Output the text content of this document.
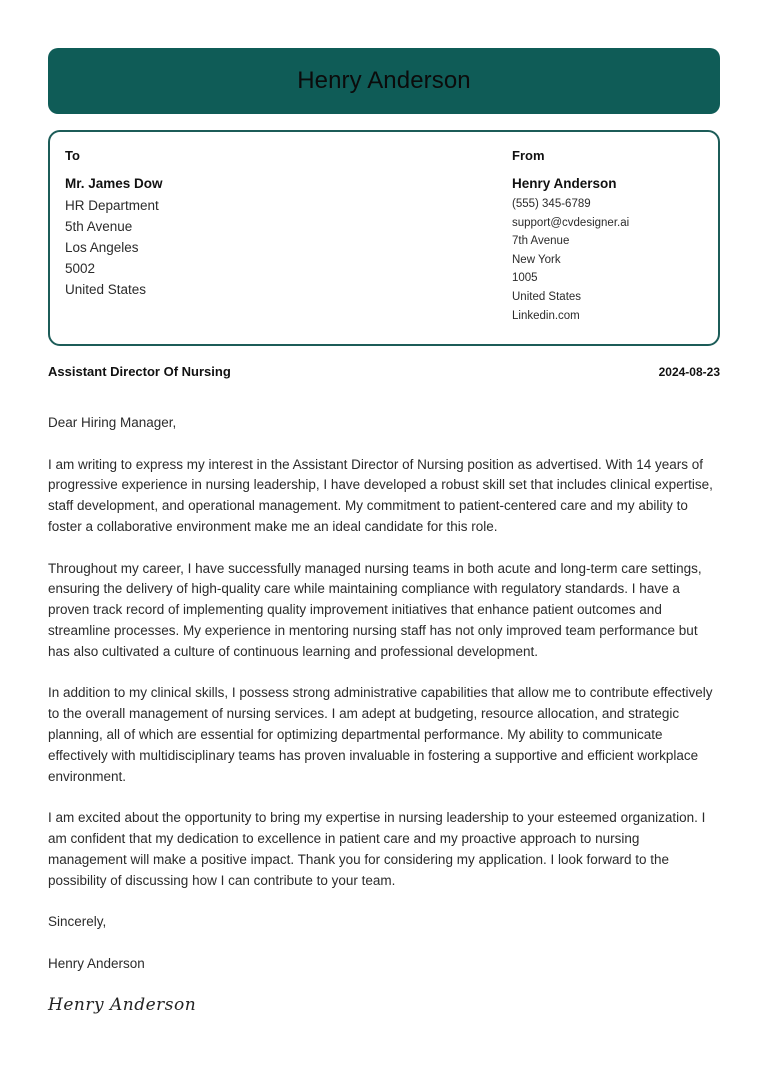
Henry Anderson
To
Mr. James Dow
HR Department
5th Avenue
Los Angeles
5002
United States
From
Henry Anderson
(555) 345-6789
support@cvdesigner.ai
7th Avenue
New York
1005
United States
Linkedin.com
Assistant Director Of Nursing	2024-08-23

Dear Hiring Manager,

I am writing to express my interest in the Assistant Director of Nursing position as advertised. With 14 years of progressive experience in nursing leadership, I have developed a robust skill set that includes clinical expertise, staff development, and operational management. My commitment to patient-centered care and my ability to foster a collaborative environment make me an ideal candidate for this role.

Throughout my career, I have successfully managed nursing teams in both acute and long-term care settings, ensuring the delivery of high-quality care while maintaining compliance with regulatory standards. I have a proven track record of implementing quality improvement initiatives that enhance patient outcomes and streamline processes. My experience in mentoring nursing staff has not only improved team performance but has also cultivated a culture of continuous learning and professional development.

In addition to my clinical skills, I possess strong administrative capabilities that allow me to contribute effectively to the overall management of nursing services. I am adept at budgeting, resource allocation, and strategic planning, all of which are essential for optimizing departmental performance. My ability to communicate effectively with multidisciplinary teams has proven invaluable in fostering a supportive and efficient workplace environment.

I am excited about the opportunity to bring my expertise in nursing leadership to your esteemed organization. I am confident that my dedication to excellence in patient care and my proactive approach to nursing management will make a positive impact. Thank you for considering my application. I look forward to the possibility of discussing how I can contribute to your team.

Sincerely,

Henry Anderson

Henry Anderson
